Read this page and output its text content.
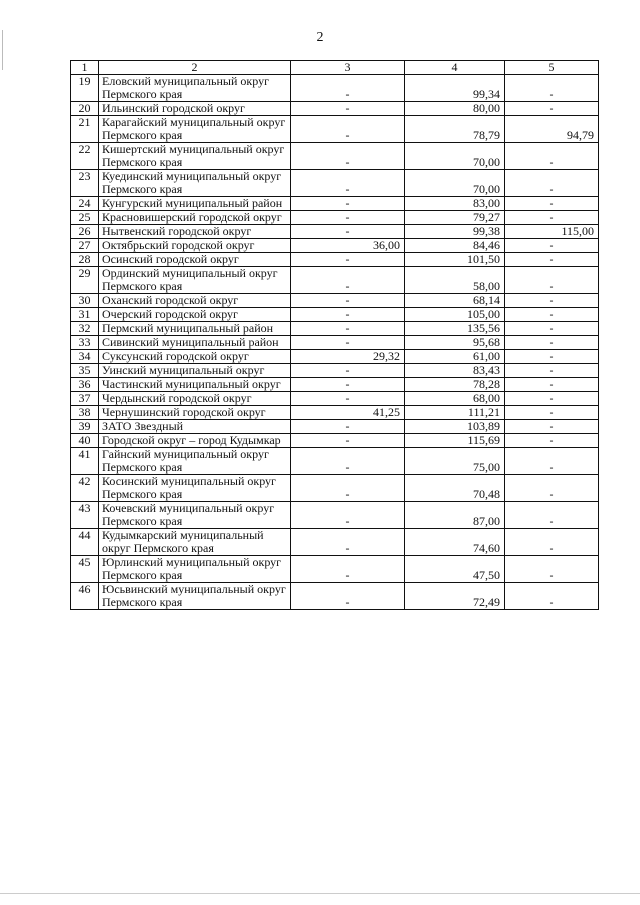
2
1	2	3	4	5
19	Еловский муниципальный округ Пермского края	-	99,34	-
20	Ильинский городской округ	-	80,00	-
21	Карагайский муниципальный округ Пермского края	-	78,79	94,79
22	Кишертский муниципальный округ Пермского края	-	70,00	-
23	Куединский муниципальный округ Пермского края	-	70,00	-
24	Кунгурский муниципальный район	-	83,00	-
25	Красновишерский городской округ	-	79,27	-
26	Нытвенский городской округ	-	99,38	115,00
27	Октябрьский городской округ	36,00	84,46	-
28	Осинский городской округ	-	101,50	-
29	Ординский муниципальный округ Пермского края	-	58,00	-
30	Оханский городской округ	-	68,14	-
31	Очерский городской округ	-	105,00	-
32	Пермский муниципальный район	-	135,56	-
33	Сивинский муниципальный район	-	95,68	-
34	Суксунский городской округ	29,32	61,00	-
35	Уинский муниципальный округ	-	83,43	-
36	Частинский муниципальный округ	-	78,28	-
37	Чердынский городской округ	-	68,00	-
38	Чернушинский городской округ	41,25	111,21	-
39	ЗАТО Звездный	-	103,89	-
40	Городской округ – город Кудымкар	-	115,69	-
41	Гайнский муниципальный округ Пермского края	-	75,00	-
42	Косинский муниципальный округ Пермского края	-	70,48	-
43	Кочевский муниципальный округ Пермского края	-	87,00	-
44	Кудымкарский муниципальный округ Пермского края	-	74,60	-
45	Юрлинский муниципальный округ Пермского края	-	47,50	-
46	Юсьвинский муниципальный округ Пермского края	-	72,49	-
